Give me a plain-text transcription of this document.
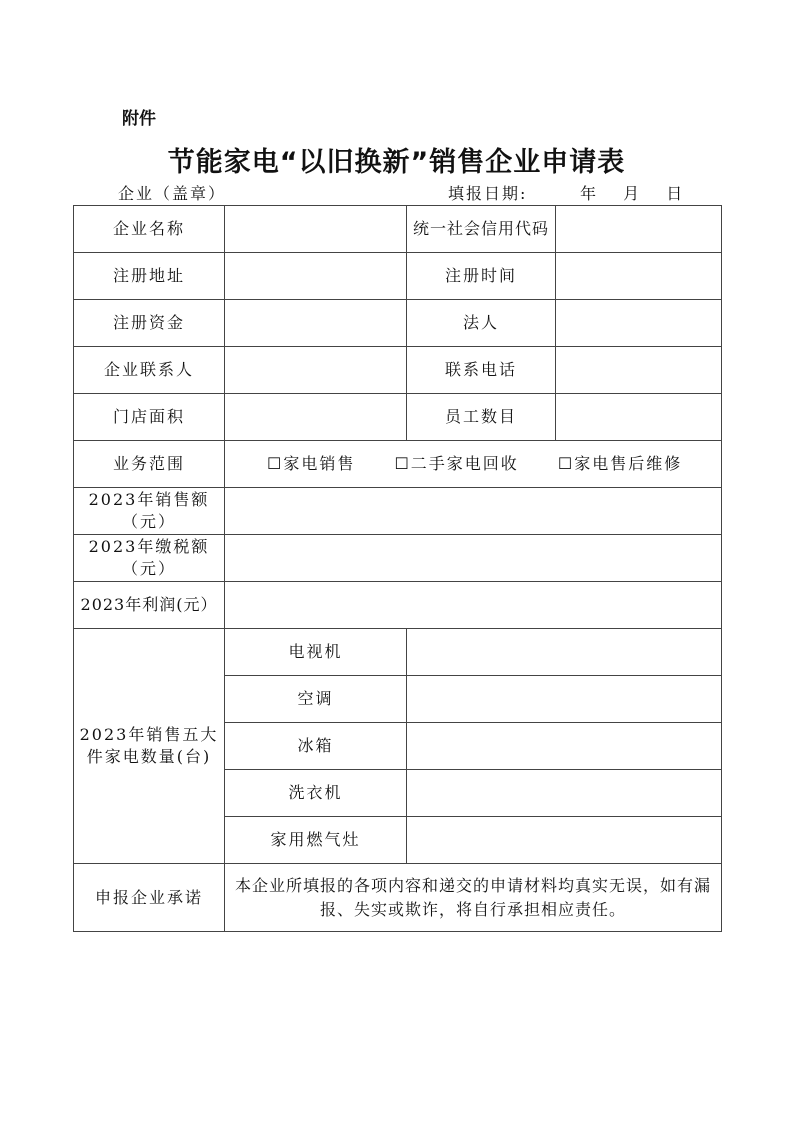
附件
节能家电“以旧换新”销售企业申请表
企业（盖章）	填报日期:	年 月 日
企业名称		统一社会信用代码	
注册地址		注册时间	
注册资金		法人	
企业联系人		联系电话	
门店面积		员工数目	
业务范围	☐家电销售 ☐二手家电回收 ☐家电售后维修		
2023年销售额（元）			
2023年缴税额（元）			
2023年利润(元）			
2023年销售五大件家电数量(台)	电视机		
	空调		
	冰箱		
	洗衣机		
	家用燃气灶		
申报企业承诺	本企业所填报的各项内容和递交的申请材料均真实无误，如有漏报、失实或欺诈，将自行承担相应责任。		
